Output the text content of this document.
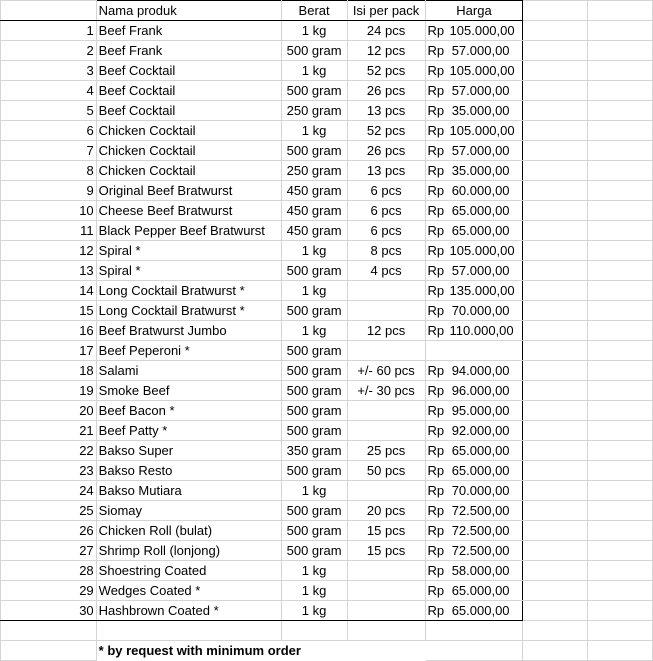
	Nama produk	Berat	Isi per pack	Harga		
1	Beef Frank	1 kg	24 pcs	Rp 105.000,00		
2	Beef Frank	500 gram	12 pcs	Rp 57.000,00		
3	Beef Cocktail	1 kg	52 pcs	Rp 105.000,00		
4	Beef Cocktail	500 gram	26 pcs	Rp 57.000,00		
5	Beef Cocktail	250 gram	13 pcs	Rp 35.000,00		
6	Chicken Cocktail	1 kg	52 pcs	Rp 105.000,00		
7	Chicken Cocktail	500 gram	26 pcs	Rp 57.000,00		
8	Chicken Cocktail	250 gram	13 pcs	Rp 35.000,00		
9	Original Beef Bratwurst	450 gram	6 pcs	Rp 60.000,00		
10	Cheese Beef Bratwurst	450 gram	6 pcs	Rp 65.000,00		
11	Black Pepper Beef Bratwurst	450 gram	6 pcs	Rp 65.000,00		
12	Spiral *	1 kg	8 pcs	Rp 105.000,00		
13	Spiral *	500 gram	4 pcs	Rp 57.000,00		
14	Long Cocktail Bratwurst *	1 kg		Rp 135.000,00		
15	Long Cocktail Bratwurst *	500 gram		Rp 70.000,00		
16	Beef Bratwurst Jumbo	1 kg	12 pcs	Rp 110.000,00		
17	Beef Peperoni *	500 gram				
18	Salami	500 gram	+/- 60 pcs	Rp 94.000,00		
19	Smoke Beef	500 gram	+/- 30 pcs	Rp 96.000,00		
20	Beef Bacon *	500 gram		Rp 95.000,00		
21	Beef Patty *	500 gram		Rp 92.000,00		
22	Bakso Super	350 gram	25 pcs	Rp 65.000,00		
23	Bakso Resto	500 gram	50 pcs	Rp 65.000,00		
24	Bakso Mutiara	1 kg		Rp 70.000,00		
25	Siomay	500 gram	20 pcs	Rp 72.500,00		
26	Chicken Roll (bulat)	500 gram	15 pcs	Rp 72.500,00		
27	Shrimp Roll (lonjong)	500 gram	15 pcs	Rp 72.500,00		
28	Shoestring Coated	1 kg		Rp 58.000,00		
29	Wedges Coated *	1 kg		Rp 65.000,00		
30	Hashbrown Coated *	1 kg		Rp 65.000,00		

	* by request with minimum order					
